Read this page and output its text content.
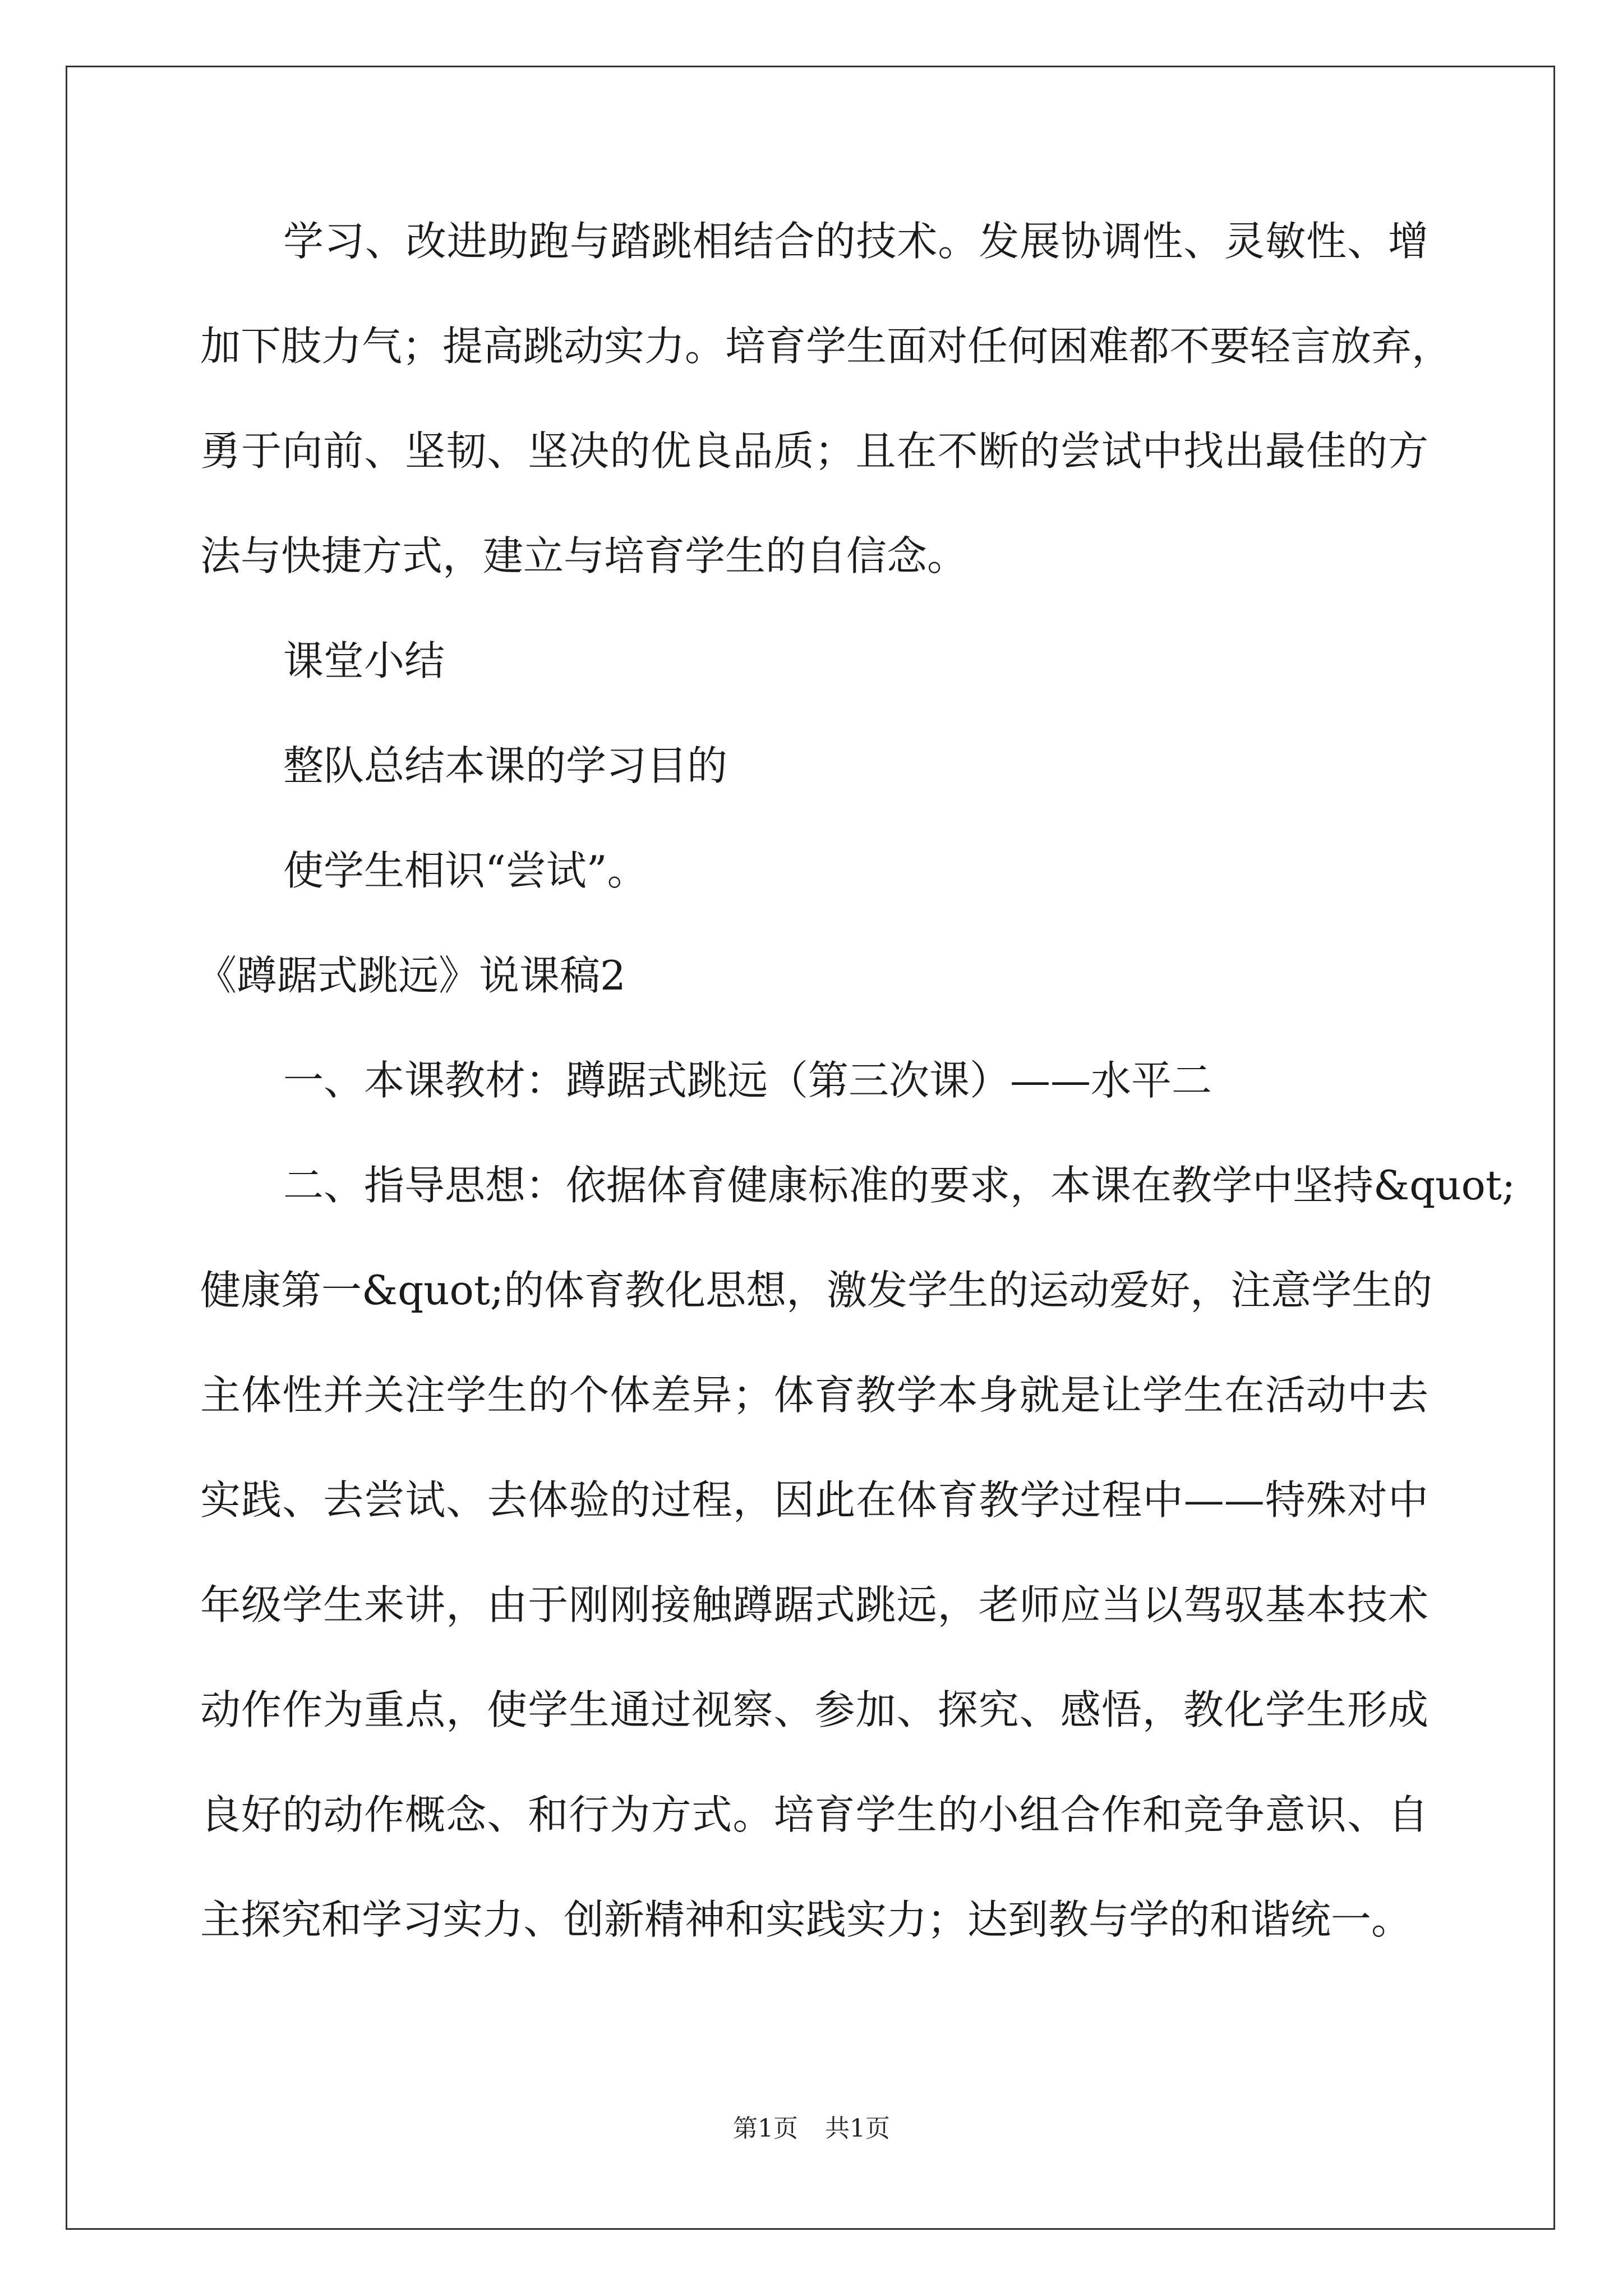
学习、改进助跑与踏跳相结合的技术。发展协调性、灵敏性、增
加下肢力气；提高跳动实力。培育学生面对任何困难都不要轻言放弃，
勇于向前、坚韧、坚决的优良品质；且在不断的尝试中找出最佳的方
法与快捷方式，建立与培育学生的自信念。
课堂小结
整队总结本课的学习目的
使学生相识“尝试”。
《蹲踞式跳远》说课稿2
一、本课教材：蹲踞式跳远（第三次课）——水平二
二、指导思想：依据体育健康标准的要求，本课在教学中坚持&quot;
健康第一&quot;的体育教化思想，激发学生的运动爱好，注意学生的
主体性并关注学生的个体差异；体育教学本身就是让学生在活动中去
实践、去尝试、去体验的过程，因此在体育教学过程中——特殊对中
年级学生来讲，由于刚刚接触蹲踞式跳远，老师应当以驾驭基本技术
动作作为重点，使学生通过视察、参加、探究、感悟，教化学生形成
良好的动作概念、和行为方式。培育学生的小组合作和竞争意识、自
主探究和学习实力、创新精神和实践实力；达到教与学的和谐统一。
第1页 共1页
